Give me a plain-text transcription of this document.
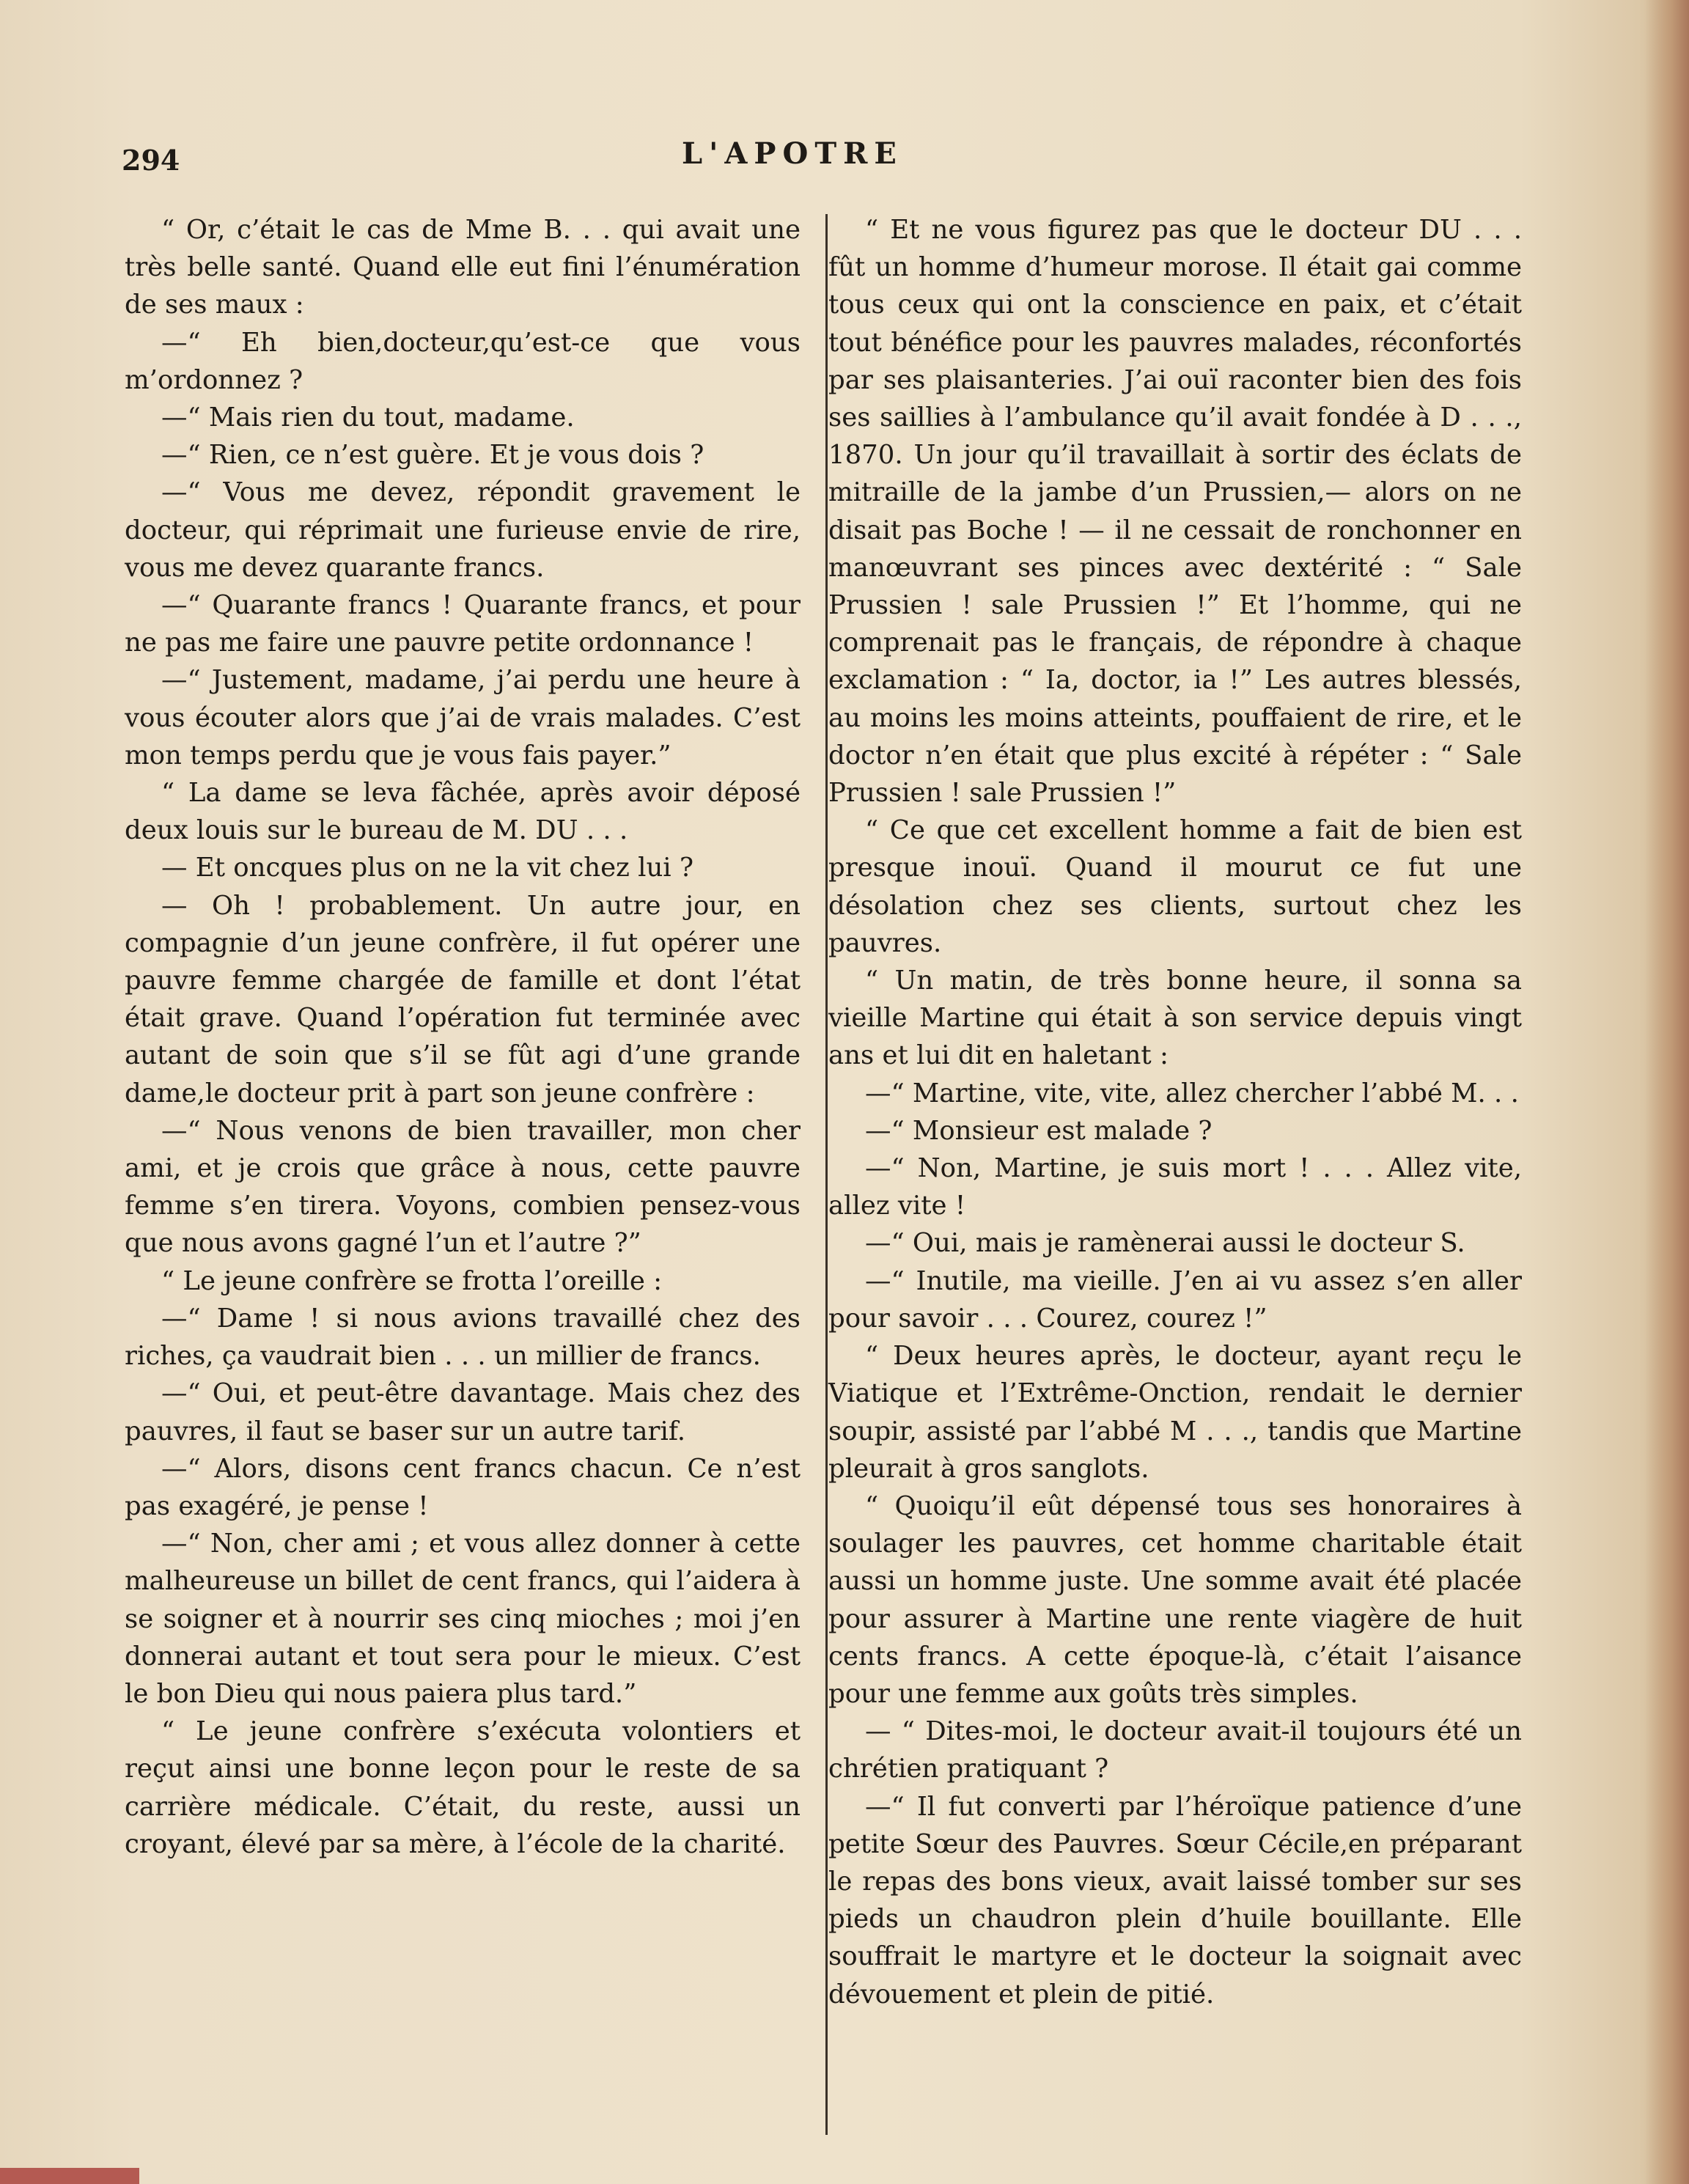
294	L'APOTRE

“ Or, c’était le cas de Mme B. . . qui avait une très belle santé. Quand elle eut fini l’énumération de ses maux :

—“ Eh bien,docteur,qu’est-ce que vous m’ordonnez ?

—“ Mais rien du tout, madame.

—“ Rien, ce n’est guère. Et je vous dois ?

—“ Vous me devez, répondit gravement le docteur, qui réprimait une furieuse envie de rire, vous me devez quarante francs.

—“ Quarante francs ! Quarante francs, et pour ne pas me faire une pauvre petite ordonnance !

—“ Justement, madame, j’ai perdu une heure à vous écouter alors que j’ai de vrais malades. C’est mon temps perdu que je vous fais payer.”

“ La dame se leva fâchée, après avoir déposé deux louis sur le bureau de M. DU . . .

— Et oncques plus on ne la vit chez lui ?

— Oh ! probablement. Un autre jour, en compagnie d’un jeune confrère, il fut opérer une pauvre femme chargée de famille et dont l’état était grave. Quand l’opération fut terminée avec autant de soin que s’il se fût agi d’une grande dame,le docteur prit à part son jeune confrère :

—“ Nous venons de bien travailler, mon cher ami, et je crois que grâce à nous, cette pauvre femme s’en tirera. Voyons, combien pensez-vous que nous avons gagné l’un et l’autre ?”

“ Le jeune confrère se frotta l’oreille :

—“ Dame ! si nous avions travaillé chez des riches, ça vaudrait bien . . . un millier de francs.

—“ Oui, et peut-être davantage. Mais chez des pauvres, il faut se baser sur un autre tarif.

—“ Alors, disons cent francs chacun. Ce n’est pas exagéré, je pense !

—“ Non, cher ami ; et vous allez donner à cette malheureuse un billet de cent francs, qui l’aidera à se soigner et à nourrir ses cinq mioches ; moi j’en donnerai autant et tout sera pour le mieux. C’est le bon Dieu qui nous paiera plus tard.”

“ Le jeune confrère s’exécuta volontiers et reçut ainsi une bonne leçon pour le reste de sa carrière médicale. C’était, du reste, aussi un croyant, élevé par sa mère, à l’école de la charité.

“ Et ne vous figurez pas que le docteur DU . . . fût un homme d’humeur morose. Il était gai comme tous ceux qui ont la conscience en paix, et c’était tout bénéfice pour les pauvres malades, réconfortés par ses plaisanteries. J’ai ouï raconter bien des fois ses saillies à l’ambulance qu’il avait fondée à D . . ., 1870. Un jour qu’il travaillait à sortir des éclats de mitraille de la jambe d’un Prussien,— alors on ne disait pas Boche ! — il ne cessait de ronchonner en manœuvrant ses pinces avec dextérité : “ Sale Prussien ! sale Prussien !” Et l’homme, qui ne comprenait pas le français, de répondre à chaque exclamation : “ Ia, doctor, ia !” Les autres blessés, au moins les moins atteints, pouffaient de rire, et le doctor n’en était que plus excité à répéter : “ Sale Prussien ! sale Prussien !”

“ Ce que cet excellent homme a fait de bien est presque inouï. Quand il mourut ce fut une désolation chez ses clients, surtout chez les pauvres.

“ Un matin, de très bonne heure, il sonna sa vieille Martine qui était à son service depuis vingt ans et lui dit en haletant :

—“ Martine, vite, vite, allez chercher l’abbé M. . .

—“ Monsieur est malade ?

—“ Non, Martine, je suis mort ! . . . Allez vite, allez vite !

—“ Oui, mais je ramènerai aussi le docteur S.

—“ Inutile, ma vieille. J’en ai vu assez s’en aller pour savoir . . . Courez, courez !”

“ Deux heures après, le docteur, ayant reçu le Viatique et l’Extrême-Onction, rendait le dernier soupir, assisté par l’abbé M . . ., tandis que Martine pleurait à gros sanglots.

“ Quoiqu’il eût dépensé tous ses honoraires à soulager les pauvres, cet homme charitable était aussi un homme juste. Une somme avait été placée pour assurer à Martine une rente viagère de huit cents francs. A cette époque-là, c’était l’aisance pour une femme aux goûts très simples.

— “ Dites-moi, le docteur avait-il toujours été un chrétien pratiquant ?

—“ Il fut converti par l’héroïque patience d’une petite Sœur des Pauvres. Sœur Cécile,en préparant le repas des bons vieux, avait laissé tomber sur ses pieds un chaudron plein d’huile bouillante. Elle souffrait le martyre et le docteur la soignait avec dévouement et plein de pitié.
